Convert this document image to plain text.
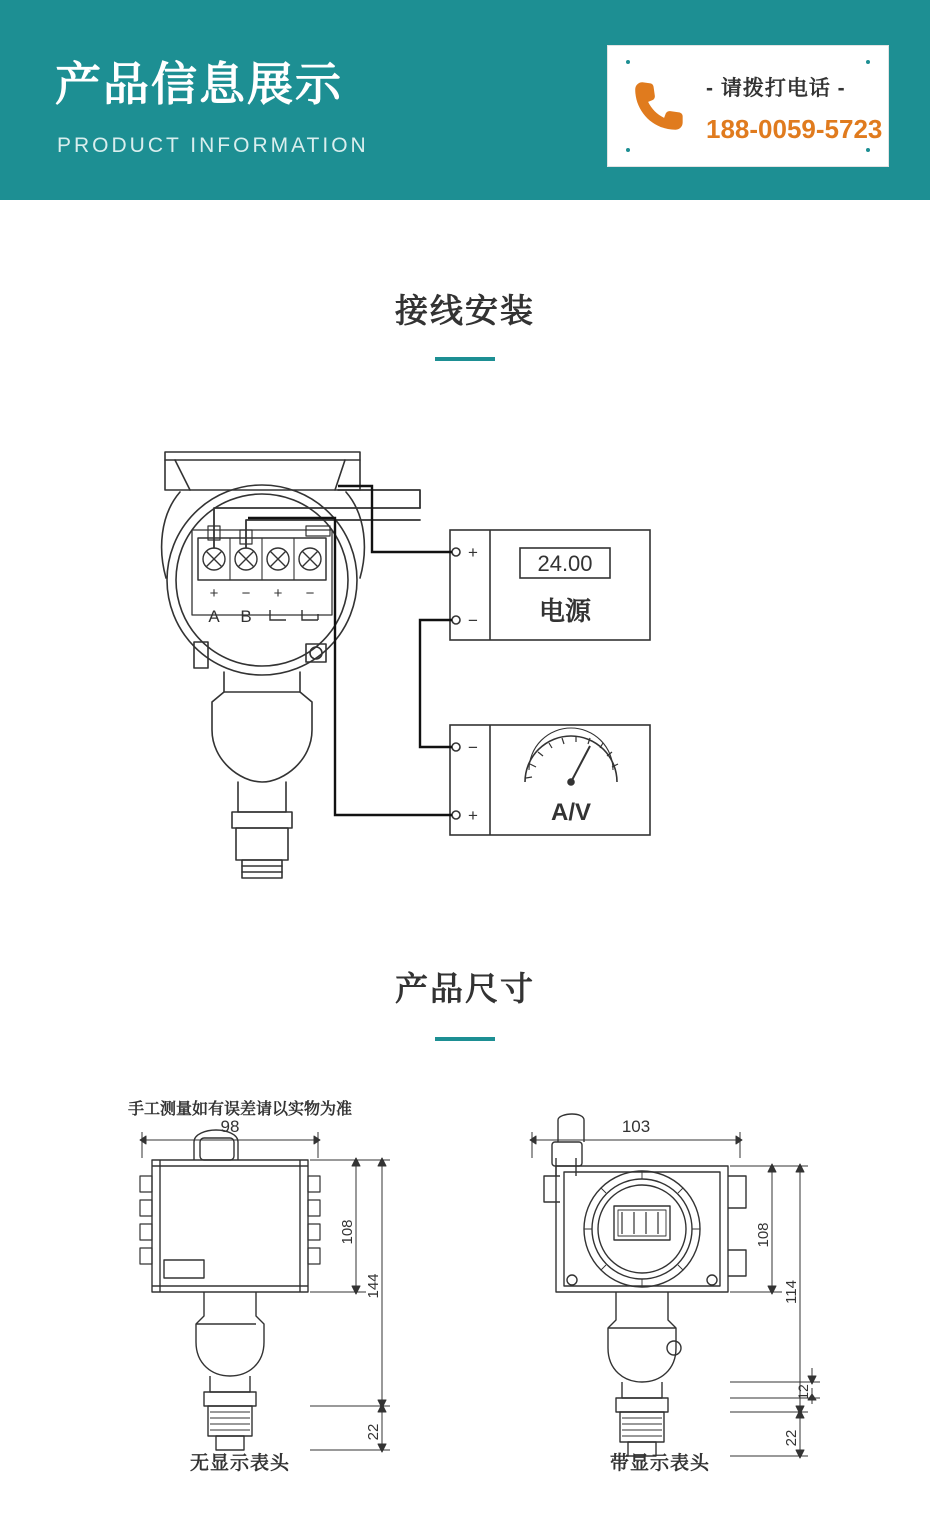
产品信息展示
PRODUCT INFORMATION
- 请拨打电话 -
188-0059-5723
接线安装
+ − + −
A B
+
−
24.00
电源
−
+	A/V
产品尺寸
手工测量如有误差请以实物为准
98	103
108
144
22
108
114
12
22
无显示表头	带显示表头
